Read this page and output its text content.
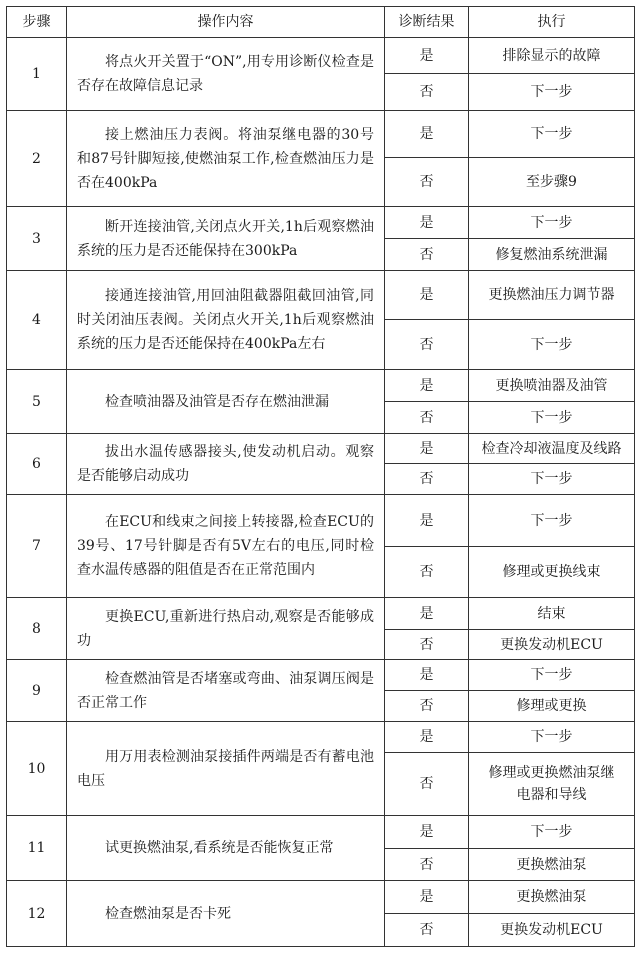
步骤	操作内容	诊断结果	执行
1	将点火开关置于“ON”,用专用诊断仪检查是否存在故障信息记录	是	排除显示的故障
		否	下一步
2	接上燃油压力表阀。将油泵继电器的30号和87号针脚短接,使燃油泵工作,检查燃油压力是否在400kPa	是	下一步
		否	至步骤9
3	断开连接油管,关闭点火开关,1h后观察燃油系统的压力是否还能保持在300kPa	是	下一步
		否	修复燃油系统泄漏
4	接通连接油管,用回油阻截器阻截回油管,同时关闭油压表阀。关闭点火开关,1h后观察燃油系统的压力是否还能保持在400kPa左右	是	更换燃油压力调节器
		否	下一步
5	检查喷油器及油管是否存在燃油泄漏	是	更换喷油器及油管
		否	下一步
6	拔出水温传感器接头,使发动机启动。观察是否能够启动成功	是	检查冷却液温度及线路
		否	下一步
7	在ECU和线束之间接上转接器,检查ECU的39号、17号针脚是否有5V左右的电压,同时检查水温传感器的阻值是否在正常范围内	是	下一步
		否	修理或更换线束
8	更换ECU,重新进行热启动,观察是否能够成功	是	结束
		否	更换发动机ECU
9	检查燃油管是否堵塞或弯曲、油泵调压阀是否正常工作	是	下一步
		否	修理或更换
10	用万用表检测油泵接插件两端是否有蓄电池电压	是	下一步
		否	修理或更换燃油泵继电器和导线
11	试更换燃油泵,看系统是否能恢复正常	是	下一步
		否	更换燃油泵
12	检查燃油泵是否卡死	是	更换燃油泵
		否	更换发动机ECU
